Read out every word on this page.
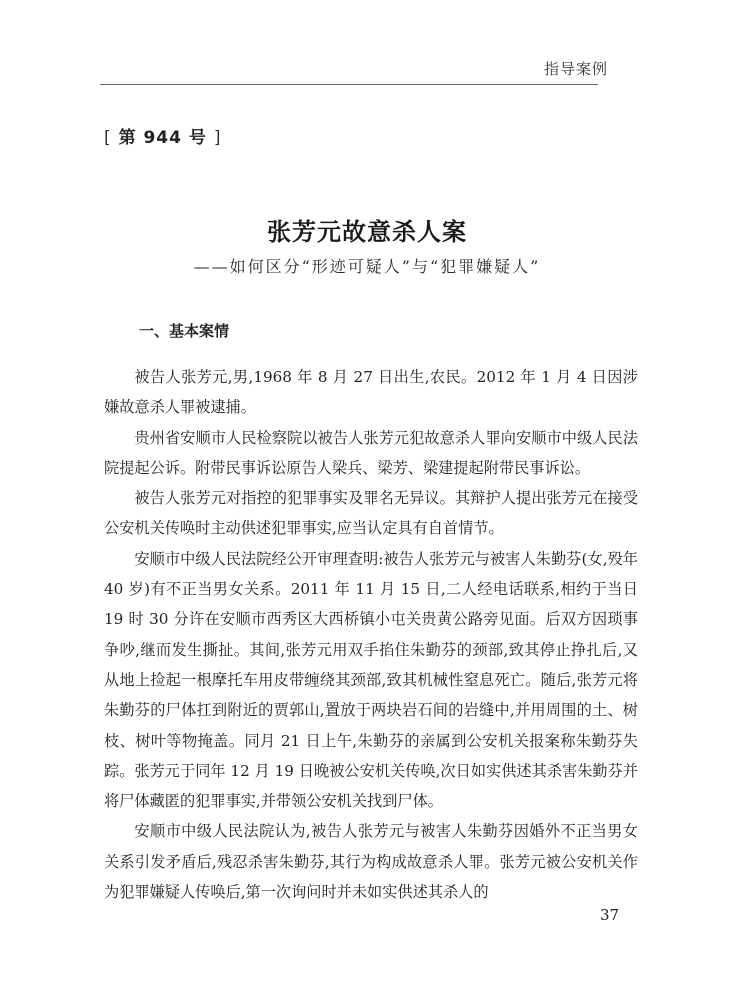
指导案例
[ 第 944 号 ]
张芳元故意杀人案
——如何区分“形迹可疑人”与“犯罪嫌疑人”
一、基本案情

被告人张芳元,男,1968 年 8 月 27 日出生,农民。2012 年 1 月 4 日因涉嫌故意杀人罪被逮捕。

贵州省安顺市人民检察院以被告人张芳元犯故意杀人罪向安顺市中级人民法院提起公诉。附带民事诉讼原告人梁兵、梁芳、梁建提起附带民事诉讼。

被告人张芳元对指控的犯罪事实及罪名无异议。其辩护人提出张芳元在接受公安机关传唤时主动供述犯罪事实,应当认定具有自首情节。

安顺市中级人民法院经公开审理查明:被告人张芳元与被害人朱勤芬(女,殁年 40 岁)有不正当男女关系。2011 年 11 月 15 日,二人经电话联系,相约于当日 19 时 30 分许在安顺市西秀区大西桥镇小屯关贵黄公路旁见面。后双方因琐事争吵,继而发生撕扯。其间,张芳元用双手掐住朱勤芬的颈部,致其停止挣扎后,又从地上捡起一根摩托车用皮带缠绕其颈部,致其机械性窒息死亡。随后,张芳元将朱勤芬的尸体扛到附近的贾郭山,置放于两块岩石间的岩缝中,并用周围的土、树枝、树叶等物掩盖。同月 21 日上午,朱勤芬的亲属到公安机关报案称朱勤芬失踪。张芳元于同年 12 月 19 日晚被公安机关传唤,次日如实供述其杀害朱勤芬并将尸体藏匿的犯罪事实,并带领公安机关找到尸体。

安顺市中级人民法院认为,被告人张芳元与被害人朱勤芬因婚外不正当男女关系引发矛盾后,残忍杀害朱勤芬,其行为构成故意杀人罪。张芳元被公安机关作为犯罪嫌疑人传唤后,第一次询问时并未如实供述其杀人的

37
